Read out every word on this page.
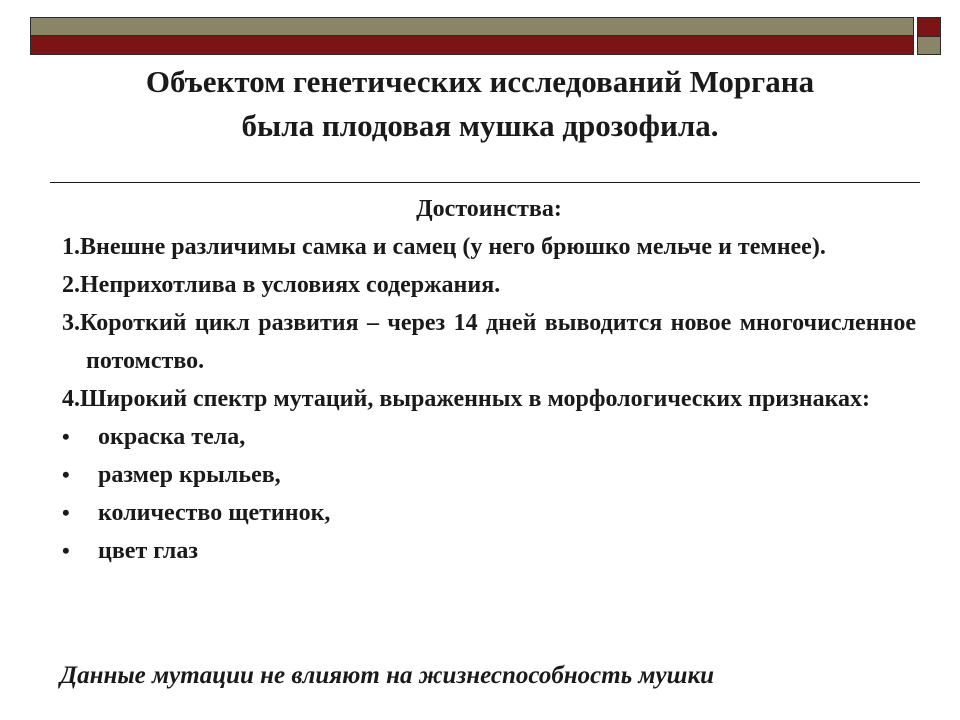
Объектом генетических исследований Моргана
была плодовая мушка дрозофила.
Достоинства:
1.Внешне различимы самка и самец (у него брюшко мельче и темнее).
2.Неприхотлива в условиях содержания.
3.Короткий цикл развития – через 14 дней выводится новое многочисленное потомство.
4.Широкий спектр мутаций, выраженных в морфологических признаках:
•	окраска тела,
•	размер крыльев,
•	количество щетинок,
•	цвет глаз
Данные мутации не влияют на жизнеспособность мушки
